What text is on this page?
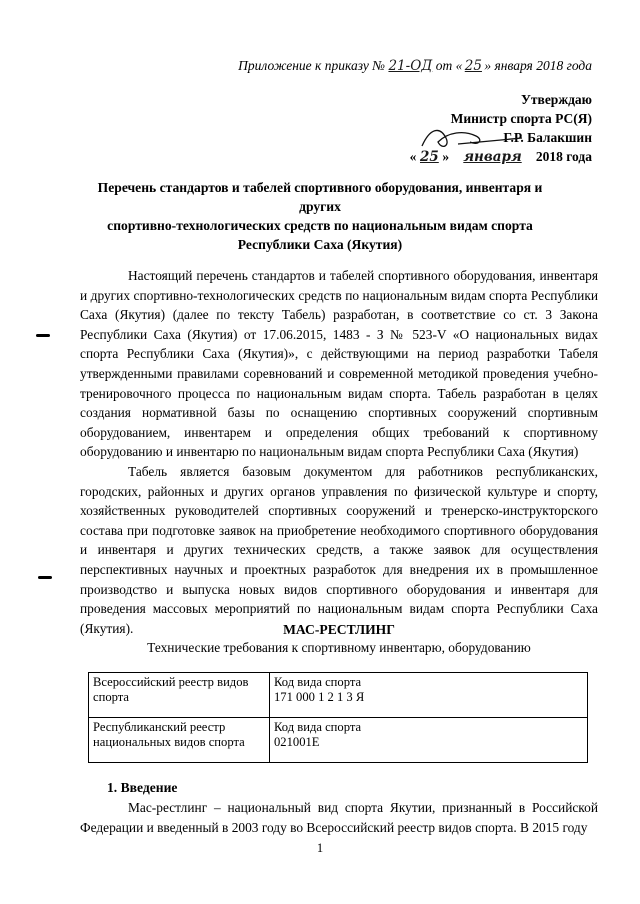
Приложение к приказу № 21-ОД от « 25 » января 2018 года
Утверждаю
Министр спорта РС(Я)
Г.Р. Балакшин
« 25 » января 2018 года
Перечень стандартов и табелей спортивного оборудования, инвентаря и других
спортивно-технологических средств по национальным видам спорта
Республики Саха (Якутия)

Настоящий перечень стандартов и табелей спортивного оборудования, инвентаря и других спортивно-технологических средств по национальным видам спорта Республики Саха (Якутия) (далее по тексту Табель) разработан, в соответствие со ст. 3 Закона Республики Саха (Якутия) от 17.06.2015, 1483 - З № 523-V «О национальных видах спорта Республики Саха (Якутия)», с действующими на период разработки Табеля утвержденными правилами соревнований и современной методикой проведения учебно-тренировочного процесса по национальным видам спорта. Табель разработан в целях создания нормативной базы по оснащению спортивных сооружений спортивным оборудованием, инвентарем и определения общих требований к спортивному оборудованию и инвентарю по национальным видам спорта Республики Саха (Якутия)

Табель является базовым документом для работников республиканских, городских, районных и других органов управления по физической культуре и спорту, хозяйственных руководителей спортивных сооружений и тренерско-инструкторского состава при подготовке заявок на приобретение необходимого спортивного оборудования и инвентаря и других технических средств, а также заявок для осуществления перспективных научных и проектных разработок для внедрения их в промышленное производство и выпуска новых видов спортивного оборудования и инвентаря для проведения массовых мероприятий по национальным видам спорта Республики Саха (Якутия).	МАС-РЕСТЛИНГ
Технические требования к спортивному инвентарю, оборудованию
Всероссийский реестр видов спорта	Код вида спорта
171 000 1 2 1 3 Я

Республиканский реестр национальных видов спорта	Код вида спорта
021001Е
1. Введение

Мас-рестлинг – национальный вид спорта Якутии, признанный в Российской Федерации и введенный в 2003 году во Всероссийский реестр видов спорта. В 2015 году

1
